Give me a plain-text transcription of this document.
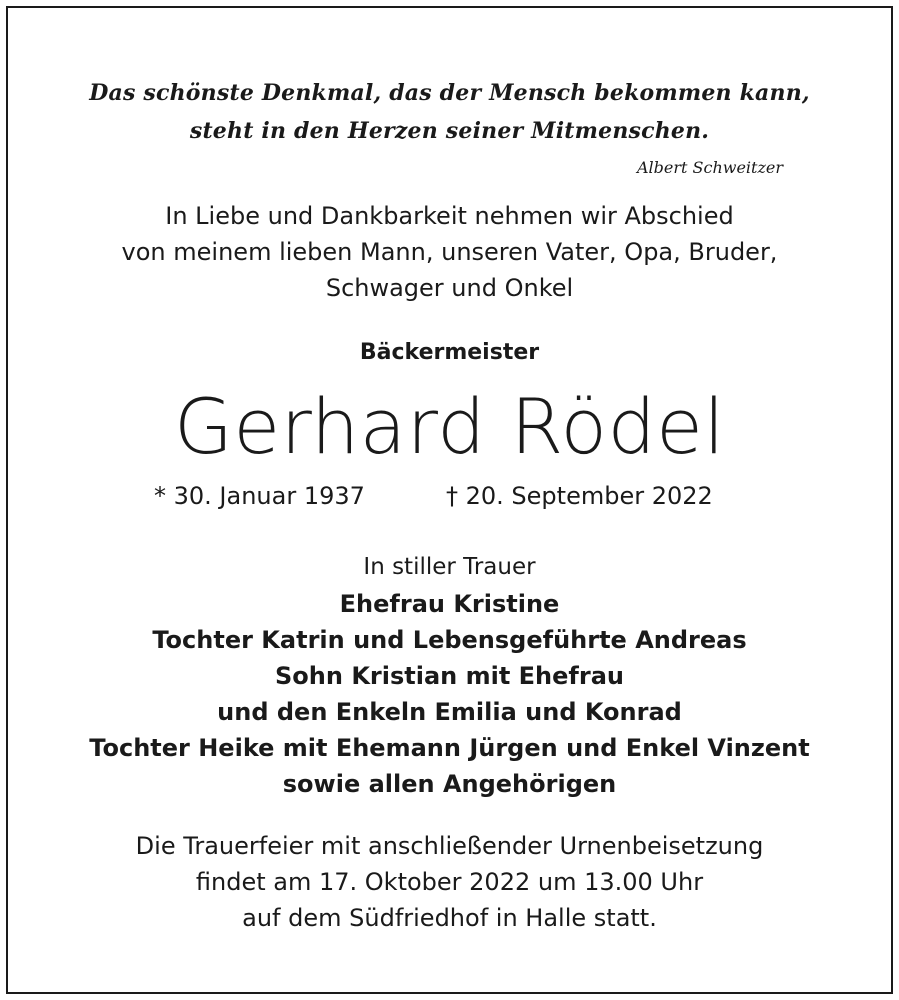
Das schönste Denkmal, das der Mensch bekommen kann,
steht in den Herzen seiner Mitmenschen.
Albert Schweitzer
In Liebe und Dankbarkeit nehmen wir Abschied
von meinem lieben Mann, unseren Vater, Opa, Bruder,
Schwager und Onkel
Bäckermeister
Gerhard Rödel
* 30. Januar 1937	† 20. September 2022
In stiller Trauer
Ehefrau Kristine
Tochter Katrin und Lebensgeführte Andreas
Sohn Kristian mit Ehefrau
und den Enkeln Emilia und Konrad
Tochter Heike mit Ehemann Jürgen und Enkel Vinzent
sowie allen Angehörigen
Die Trauerfeier mit anschließender Urnenbeisetzung
findet am 17. Oktober 2022 um 13.00 Uhr
auf dem Südfriedhof in Halle statt.
